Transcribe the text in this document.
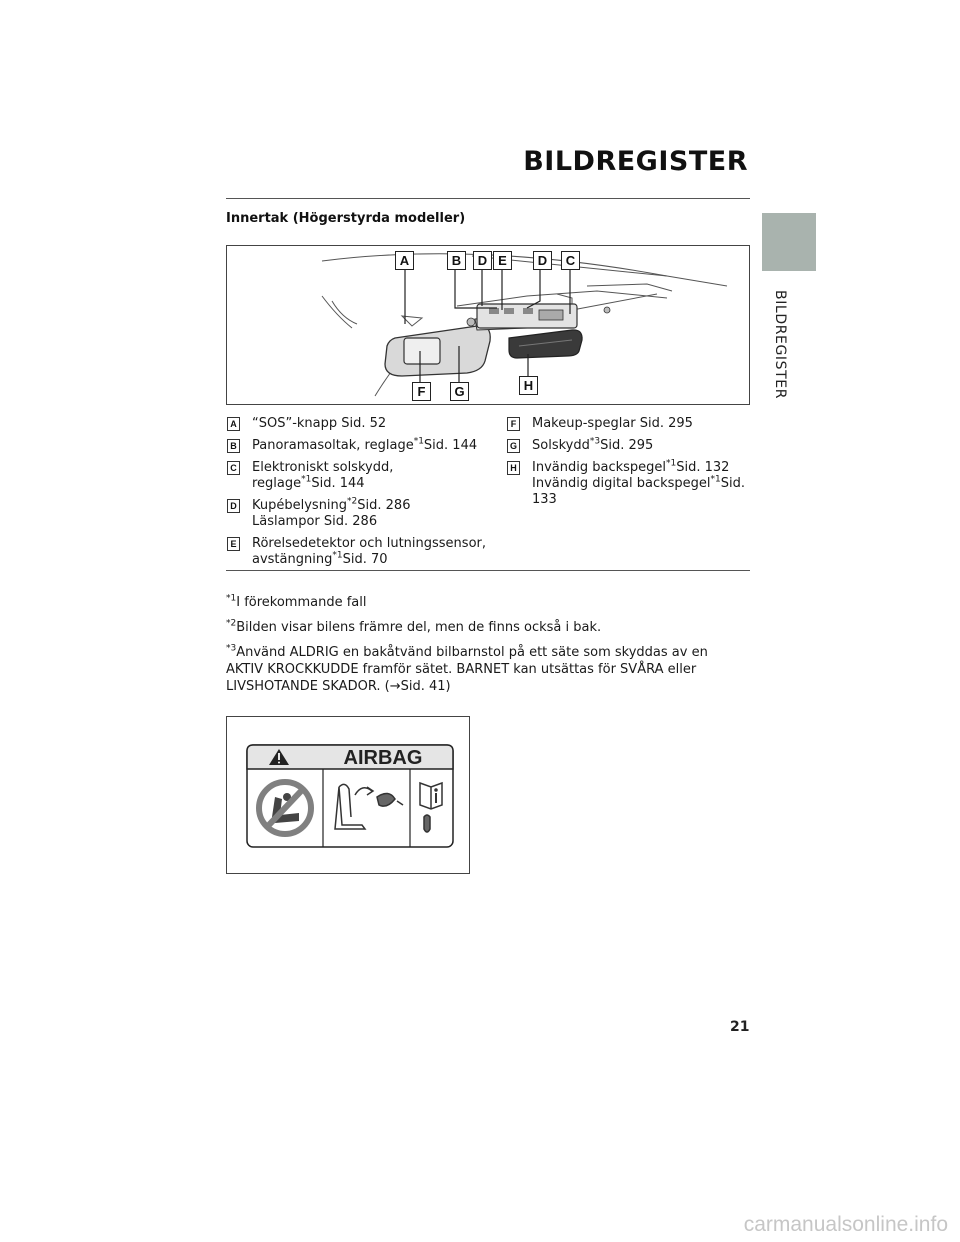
BILDREGISTER
BILDREGISTER
Innertak (Högerstyrda modeller)
A	B	D E	D	C
F	G	H
A “SOS”-knapp Sid. 52
B Panoramasoltak, reglage$^{*1}$Sid. 144
C Elektroniskt solskydd,
reglage$^{*1}$Sid. 144
D Kupébelysning$^{*2}$Sid. 286
Läslampor Sid. 286
E Rörelsedetektor och lutningssensor,
avstängning$^{*1}$Sid. 70
F Makeup-speglar Sid. 295
G Solskydd$^{*3}$Sid. 295
H Invändig backspegel$^{*1}$Sid. 132
Invändig digital backspegel$^{*1}$Sid. 133
$^{*1}$I förekommande fall
$^{*2}$Bilden visar bilens främre del, men de finns också i bak.
$^{*3}$Använd ALDRIG en bakåtvänd bilbarnstol på ett säte som skyddas av en AKTIV KROCKKUDDE framför sätet. BARNET kan utsättas för SVÅRA eller LIVSHOTANDE SKADOR. (→Sid. 41)
AIRBAG
21
carmanualsonline.info
